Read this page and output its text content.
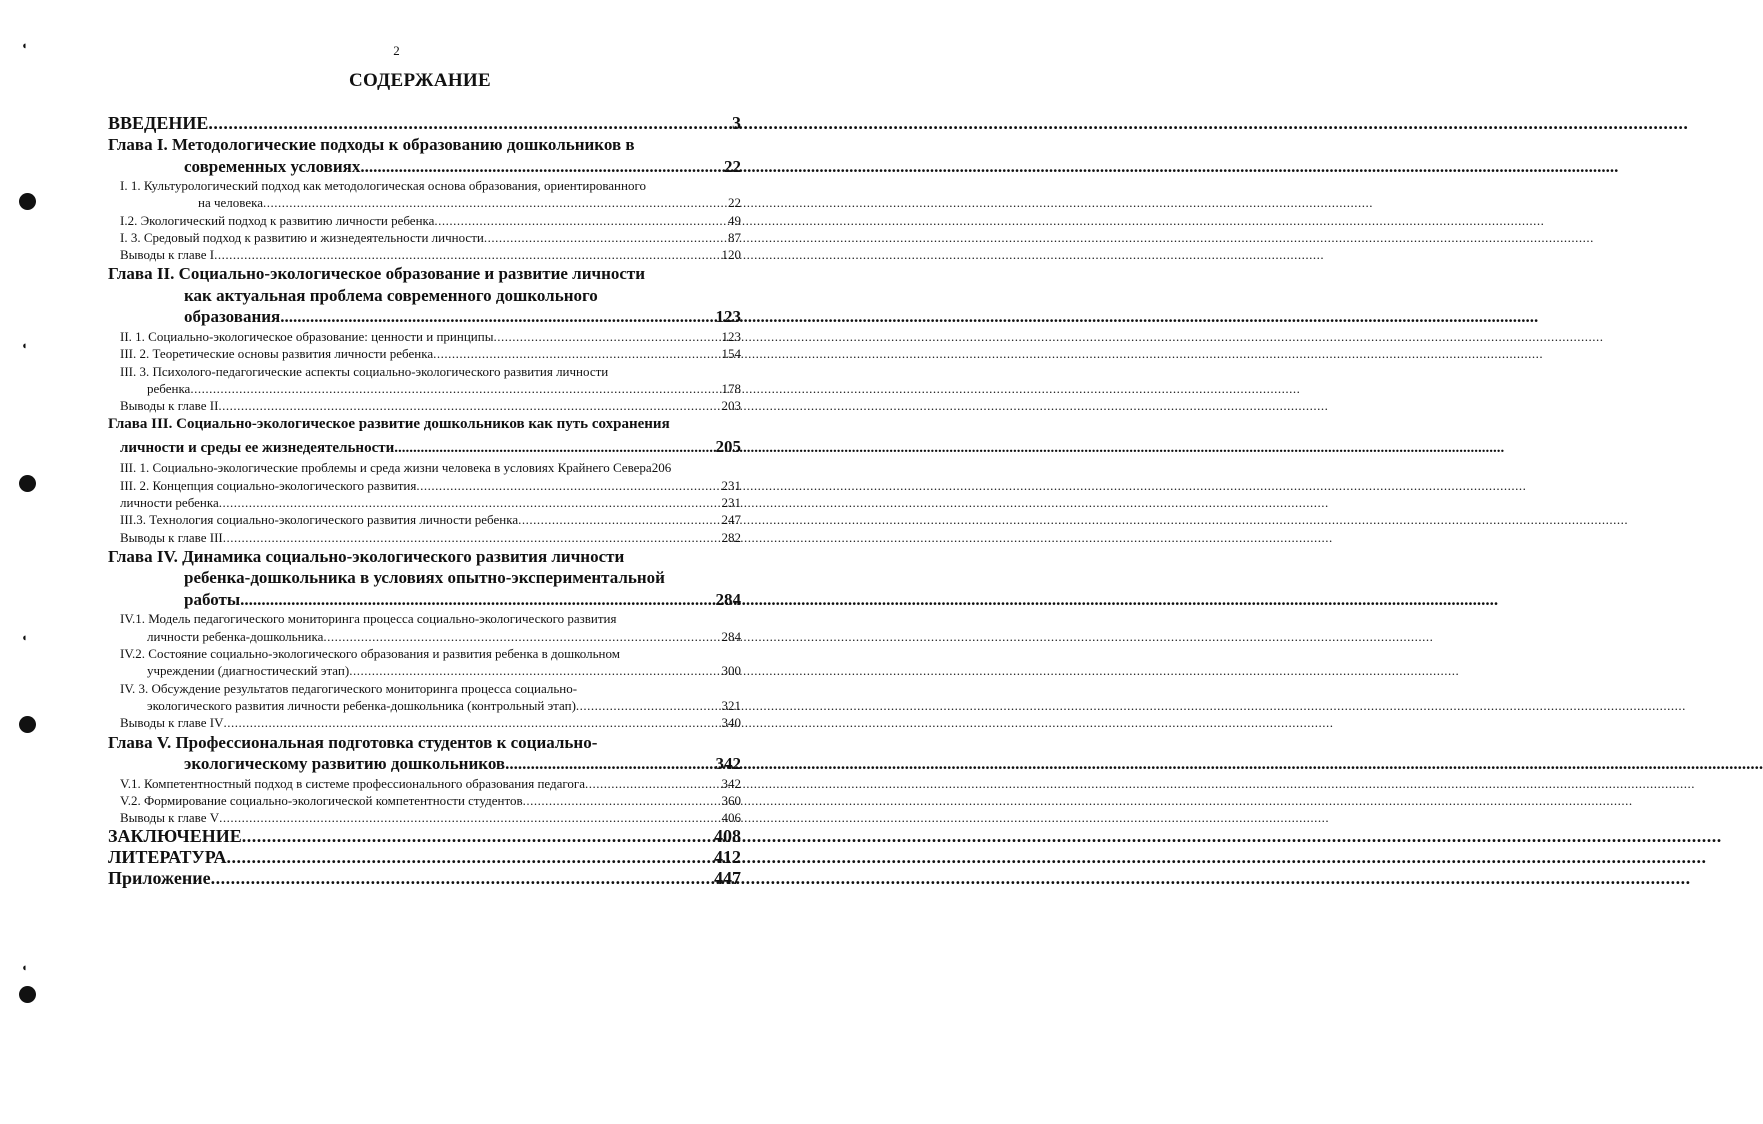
◖
◖
◖
◖
2
СОДЕРЖАНИЕ
ВВЕДЕНИЕ .....	3
Глава I. Методологические подходы к образованию дошкольников в
современных условиях .....	22
I. 1. Культурологический подход как методологическая основа образования, ориентированного
на человека .....	22
I.2. Экологический подход к развитию личности ребенка .....	49
I. 3. Средовый подход к развитию и жизнедеятельности личности .....	87
Выводы к главе I .....	120
Глава II. Социально-экологическое образование и развитие личности
как актуальная проблема современного дошкольного
образования .....	123
II. 1. Социально-экологическое образование: ценности и принципы .....	123
III. 2. Теоретические основы развития личности ребенка .....	154
III. 3. Психолого-педагогические аспекты социально-экологического развития личности
ребенка .....	178
Выводы к главе II .....	203
Глава III. Социально-экологическое развитие дошкольников как путь сохранения
личности и среды ее жизнедеятельности .....	205
III. 1. Социально-экологические проблемы и среда жизни человека в условиях Крайнего Севера 206
III. 2. Концепция социально-экологического развития .....	231
личности ребенка .....	231
III.3. Технология социально-экологического развития личности ребенка .....	247
Выводы к главе III .....	282
Глава IV. Динамика социально-экологического развития личности
ребенка-дошкольника в условиях опытно-экспериментальной
работы .....	284
IV.1. Модель педагогического мониторинга процесса социально-экологического развития
личности ребенка-дошкольника .....	284
IV.2. Состояние социально-экологического образования и развития ребенка в дошкольном
учреждении (диагностический этап) .....	300
IV. 3. Обсуждение результатов педагогического мониторинга процесса социально-
экологического развития личности ребенка-дошкольника (контрольный этап) .....	321
Выводы к главе IV .....	340
Глава V. Профессиональная подготовка студентов к социально-
экологическому развитию дошкольников .....	342
V.1. Компетентностный подход в системе профессионального образования педагога .....	342
V.2. Формирование социально-экологической компетентности студентов .....	360
Выводы к главе V .....	406
ЗАКЛЮЧЕНИЕ .....	408
ЛИТЕРАТУРА .....	412
Приложение .....	447
